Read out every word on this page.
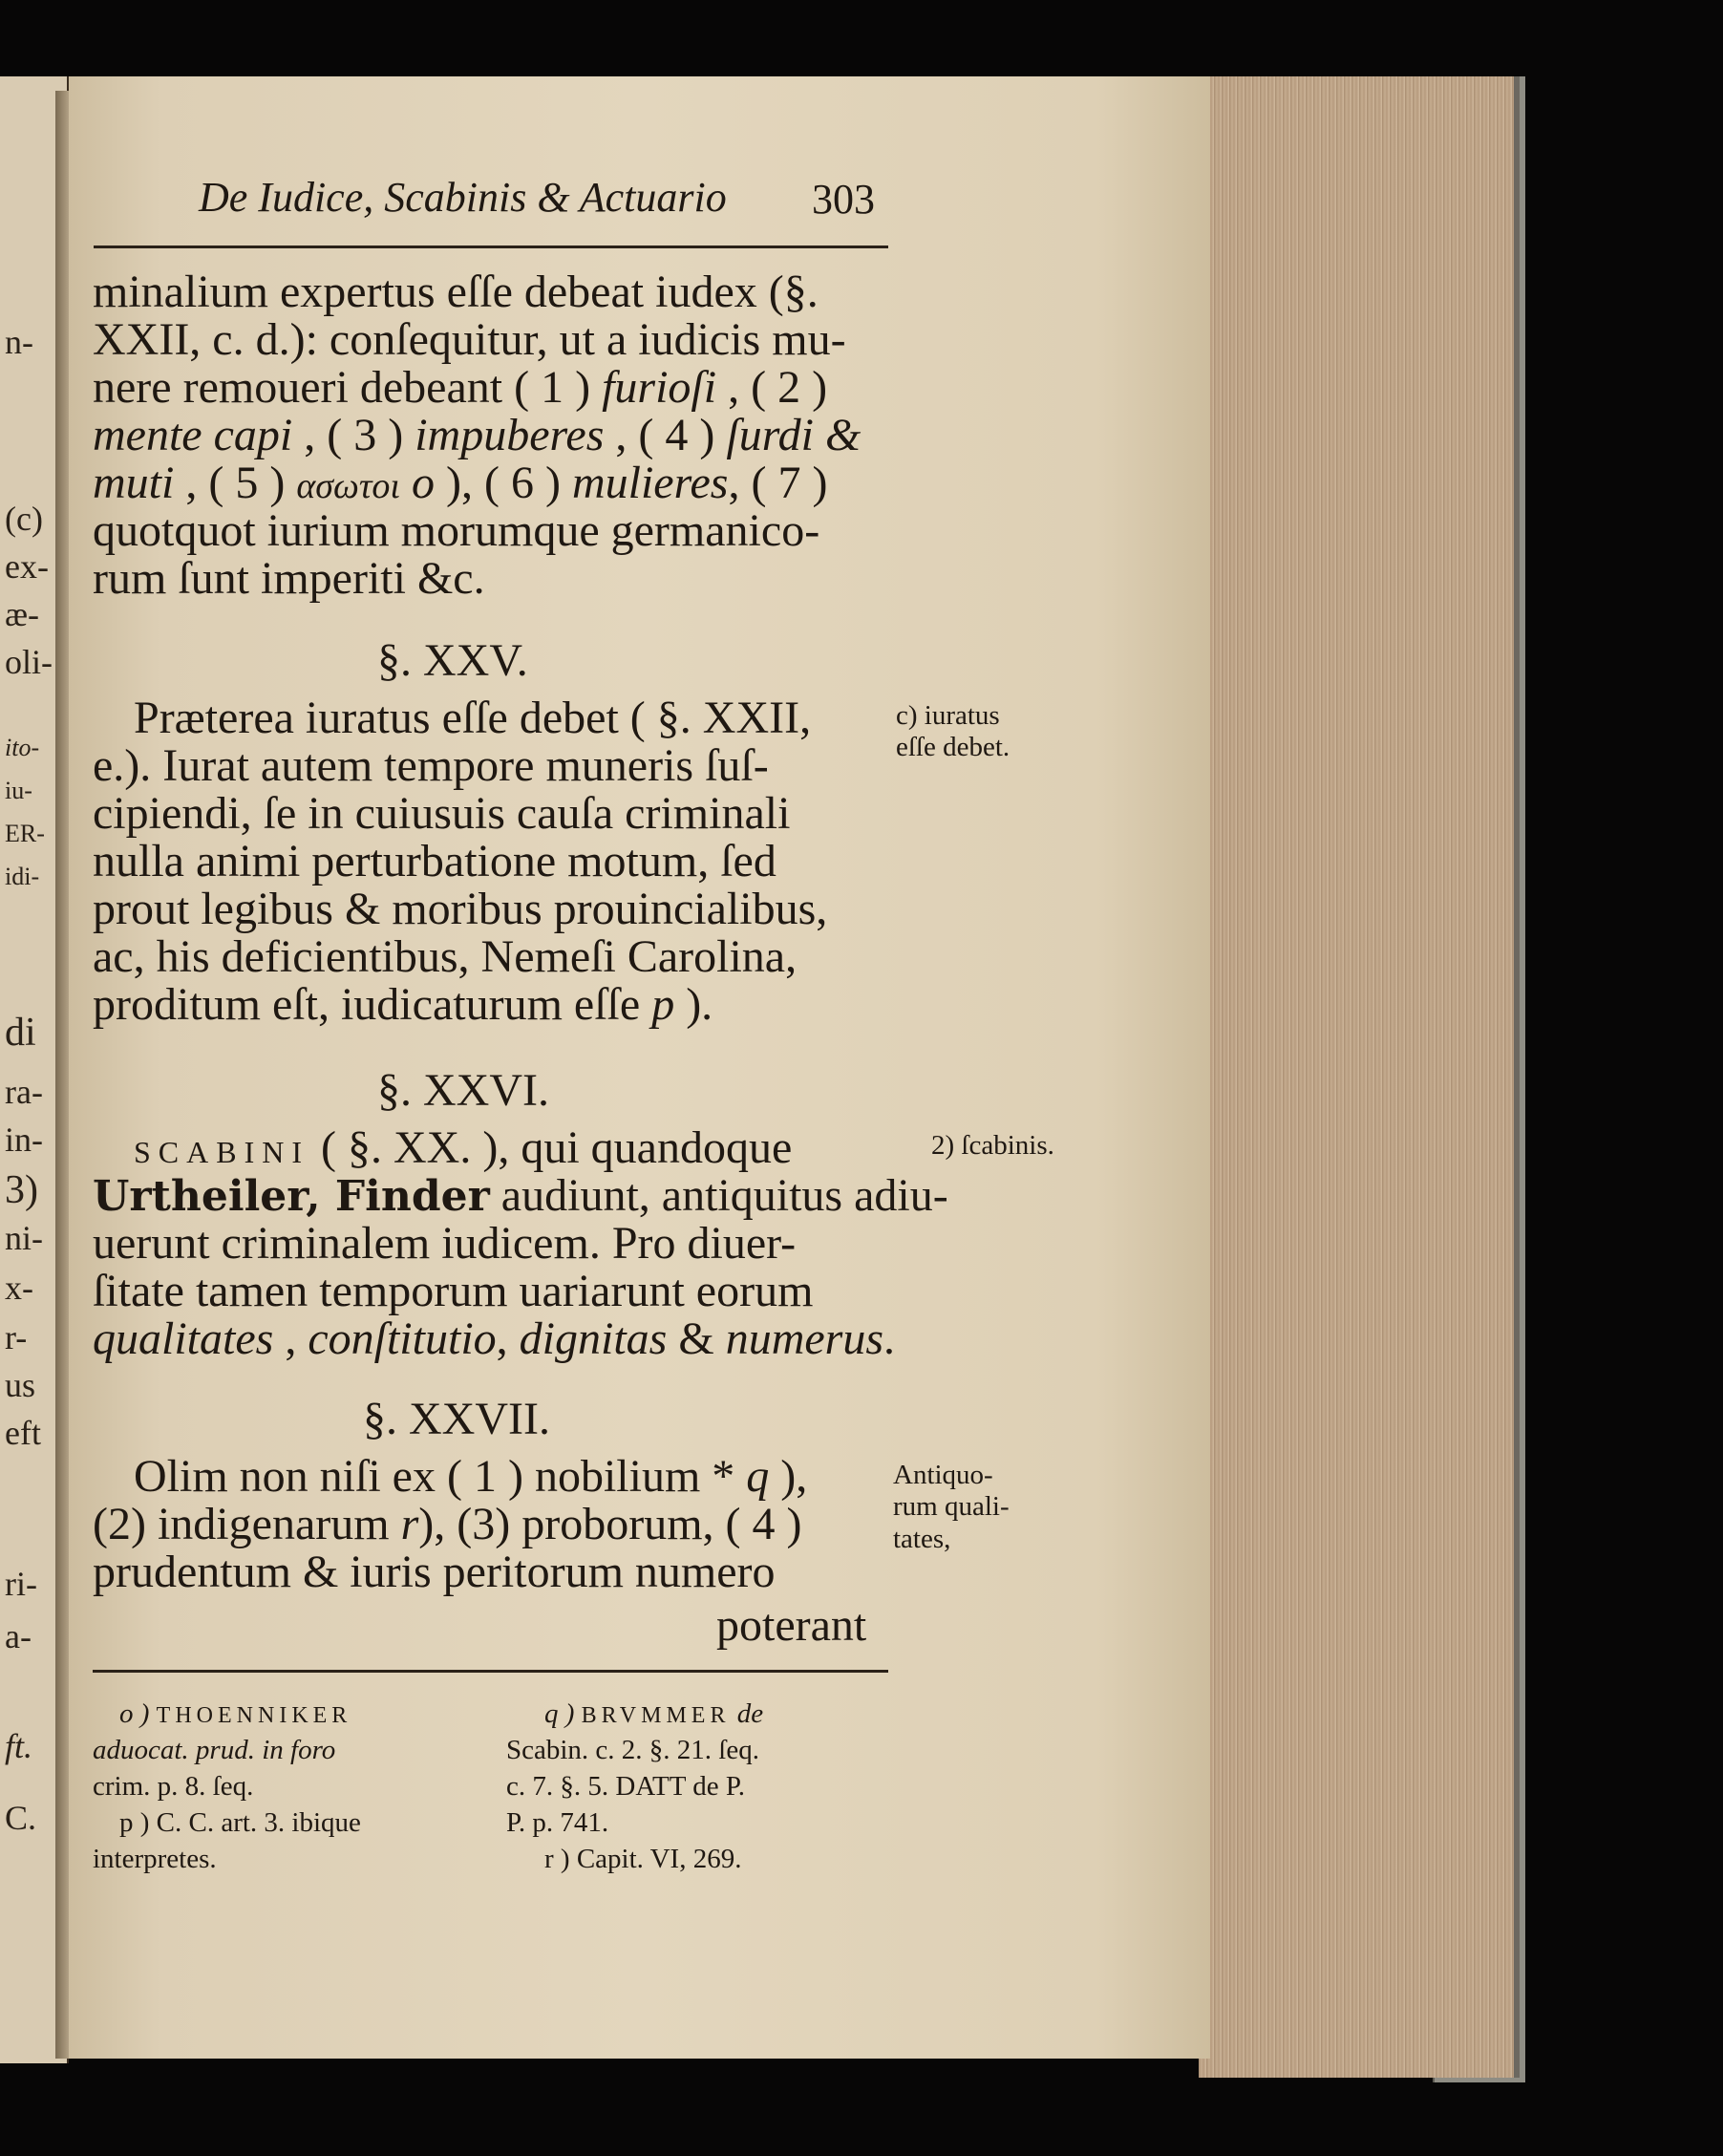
n-
(c)
ex-
æ-
oli-
ito-
iu-
ER-
idi-
di
ra-
in-
3)
ni-
x-
r-
us
eft
ri-
a-
ft.
C.
De Iudice, Scabinis & Actuario 303
minalium expertus eſſe debeat iudex (§.
XXII, c. d.): conſequitur, ut a iudicis mu-
nere remoueri debeant ( 1 ) furioſi , ( 2 )
mente capi , ( 3 ) impuberes , ( 4 ) ſurdi &
muti , ( 5 ) ασωτοι o ), ( 6 ) mulieres, ( 7 )
quotquot iurium morumque germanico-
rum ſunt imperiti &c.
§. XXV.
Præterea iuratus eſſe debet ( §. XXII,
e.). Iurat autem tempore muneris ſuſ-
cipiendi, ſe in cuiusuis cauſa criminali
nulla animi perturbatione motum, ſed
prout legibus & moribus prouincialibus,
ac, his deficientibus, Nemeſi Carolina,
proditum eſt, iudicaturum eſſe p ).
c) iuratus
eſſe debet.
§. XXVI.
SCABINI ( §. XX. ), qui quandoque
Urtheiler, Finder audiunt, antiquitus adiu-
uerunt criminalem iudicem. Pro diuer-
ſitate tamen temporum uariarunt eorum
qualitates , conſtitutio, dignitas & numerus.
2) ſcabinis.
§. XXVII.
Olim non niſi ex ( 1 ) nobilium * q ),
(2) indigenarum r), (3) proborum, ( 4 )
prudentum & iuris peritorum numero
poterant
Antiquo-
rum quali-
tates,
o ) THOENNIKER
aduocat. prud. in foro
crim. p. 8. ſeq.
p ) C. C. art. 3. ibique
interpretes.
q ) BRVMMER de
Scabin. c. 2. §. 21. ſeq.
c. 7. §. 5. DATT de P.
P. p. 741.
r ) Capit. VI, 269.
